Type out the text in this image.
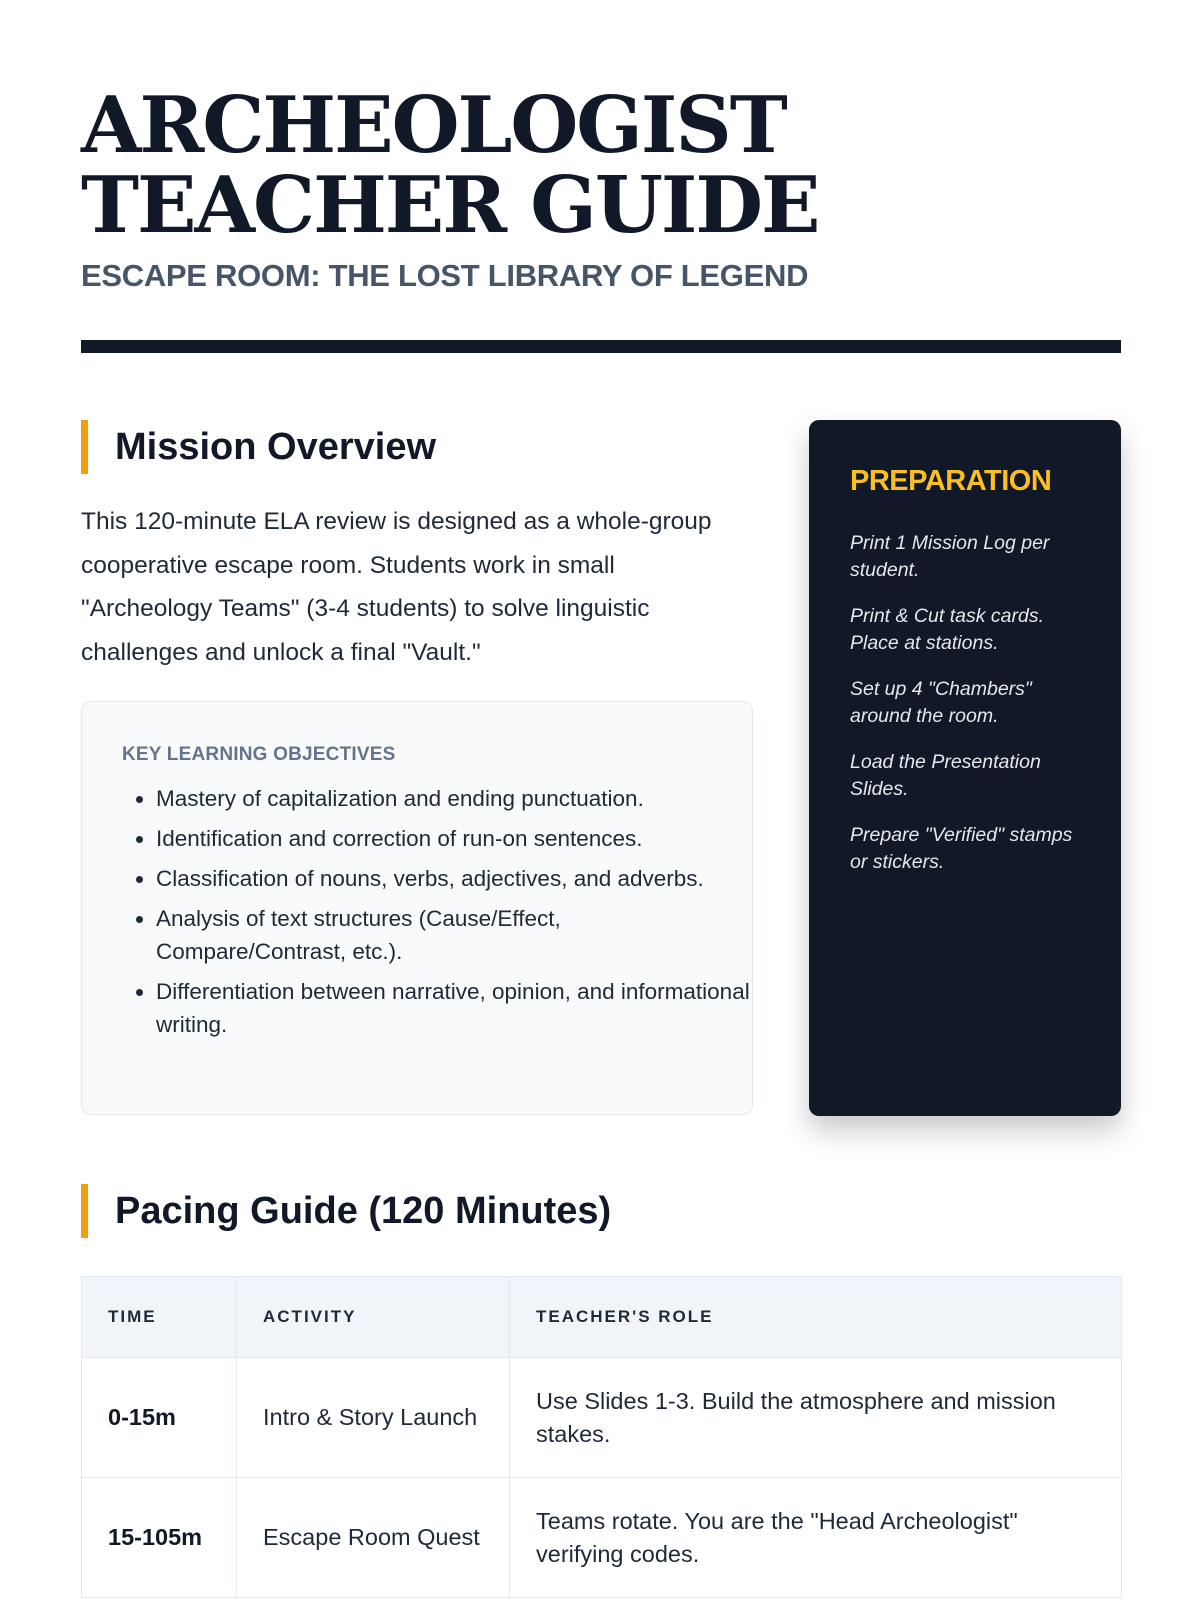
ARCHEOLOGIST
TEACHER GUIDE
ESCAPE ROOM: THE LOST LIBRARY OF LEGEND
Mission Overview

This 120-minute ELA review is designed as a whole-group cooperative escape room. Students work in small "Archeology Teams" (3-4 students) to solve linguistic challenges and unlock a final "Vault."

KEY LEARNING OBJECTIVES
• Mastery of capitalization and ending punctuation.
• Identification and correction of run-on sentences.
• Classification of nouns, verbs, adjectives, and adverbs.
• Analysis of text structures (Cause/Effect, Compare/Contrast, etc.).
• Differentiation between narrative, opinion, and informational writing.
PREPARATION
Print 1 Mission Log per student.
Print & Cut task cards. Place at stations.
Set up 4 "Chambers" around the room.
Load the Presentation Slides.
Prepare "Verified" stamps or stickers.
Pacing Guide (120 Minutes)
TIME	ACTIVITY	TEACHER'S ROLE
0-15m	Intro & Story Launch	Use Slides 1-3. Build the atmosphere and mission stakes.
15-105m	Escape Room Quest	Teams rotate. You are the "Head Archeologist" verifying codes.
